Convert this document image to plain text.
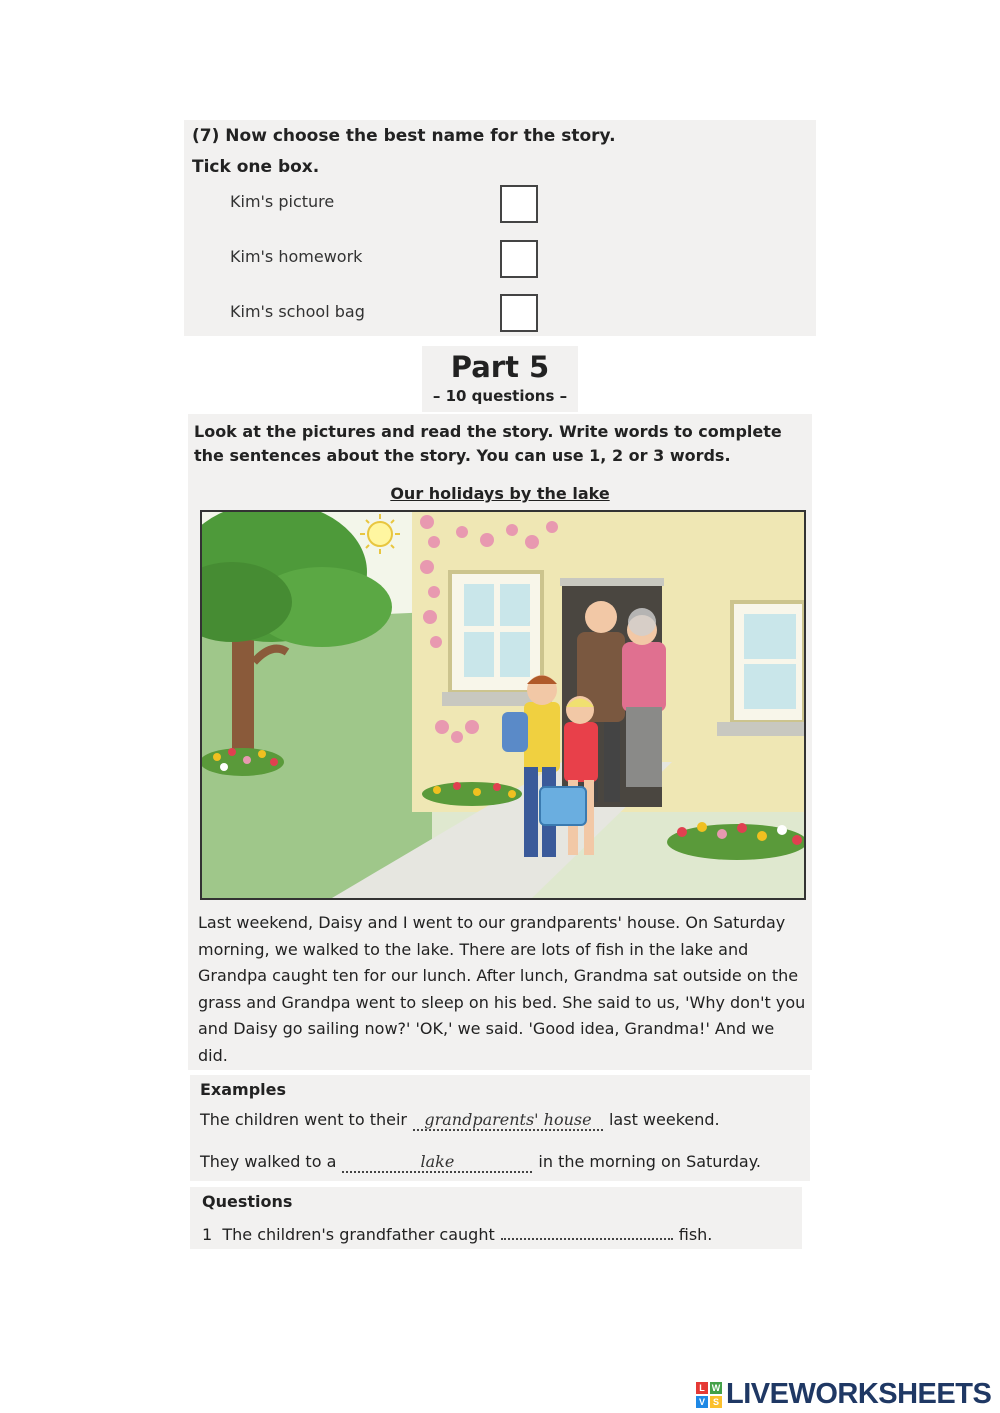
(7) Now choose the best name for the story.
Tick one box.
Kim's picture
Kim's homework
Kim's school bag
Part 5
– 10 questions –
Look at the pictures and read the story. Write words to complete the sentences about the story. You can use 1, 2 or 3 words.
Our holidays by the lake
Last weekend, Daisy and I went to our grandparents' house. On Saturday morning, we walked to the lake. There are lots of fish in the lake and Grandpa caught ten for our lunch. After lunch, Grandma sat outside on the grass and Grandpa went to sleep on his bed. She said to us, 'Why don't you and Daisy go sailing now?' 'OK,' we said. 'Good idea, Grandma!' And we did.
Examples
The children went to their grandparents' house last weekend.
They walked to a	lake	in the morning on Saturday.
Questions
1 The children's grandfather caught	fish.
L W
V S LIVEWORKSHEETS
